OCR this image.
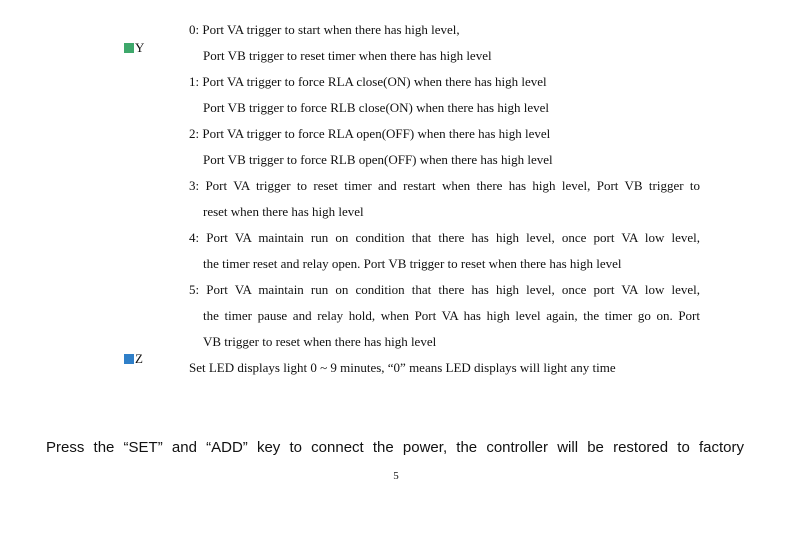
Y
0: Port VA trigger to start when there has high level,
Port VB trigger to reset timer when there has high level
1: Port VA trigger to force RLA close(ON) when there has high level
Port VB trigger to force RLB close(ON) when there has high level
2: Port VA trigger to force RLA open(OFF) when there has high level
Port VB trigger to force RLB open(OFF) when there has high level
3: Port VA trigger to reset timer and restart when there has high level, Port VB trigger to
reset when there has high level
4: Port VA maintain run on condition that there has high level, once port VA low level,
the timer reset and relay open. Port VB trigger to reset when there has high level
5: Port VA maintain run on condition that there has high level, once port VA low level,
the timer pause and relay hold, when Port VA has high level again, the timer go on. Port
VB trigger to reset when there has high level
Z
Set LED displays light 0 ~ 9 minutes, “0” means LED displays will light any time
Press the “SET” and “ADD” key to connect the power, the controller will be restored to factory
5
